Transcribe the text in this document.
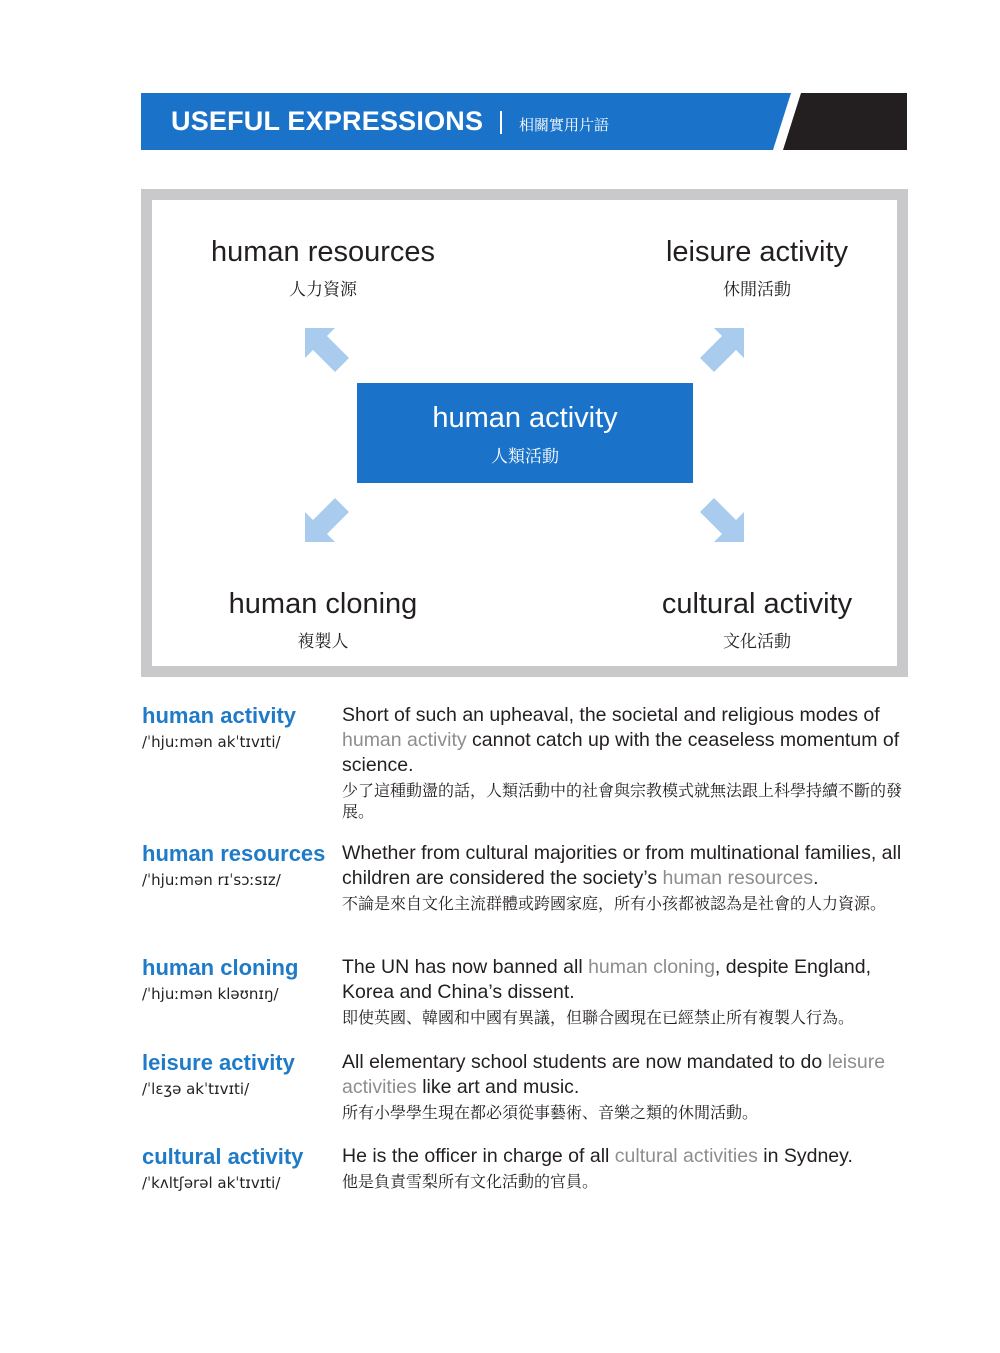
USEFUL EXPRESSIONS 相關實用片語
human resources
人力資源
leisure activity
休閒活動
human cloning
複製人
cultural activity
文化活動
human activity
人類活動
human activity
/ˈhjuːmən akˈtɪvɪti/

Short of such an upheaval, the societal and religious modes of human activity cannot catch up with the ceaseless momentum of science.

少了這種動盪的話，人類活動中的社會與宗教模式就無法跟上科學持續不斷的發展。

human resources
/ˈhjuːmən rɪˈsɔːsɪz/

Whether from cultural majorities or from multinational families, all children are considered the society’s human resources.

不論是來自文化主流群體或跨國家庭，所有小孩都被認為是社會的人力資源。

human cloning
/ˈhjuːmən kləʊnɪŋ/

The UN has now banned all human cloning, despite England, Korea and China’s dissent.

即使英國、韓國和中國有異議，但聯合國現在已經禁止所有複製人行為。

leisure activity
/ˈlɛʒə akˈtɪvɪti/

All elementary school students are now mandated to do leisure activities like art and music.

所有小學學生現在都必須從事藝術、音樂之類的休閒活動。

cultural activity
/ˈkʌltʃərəl akˈtɪvɪti/

He is the officer in charge of all cultural activities in Sydney.

他是負責雪梨所有文化活動的官員。
